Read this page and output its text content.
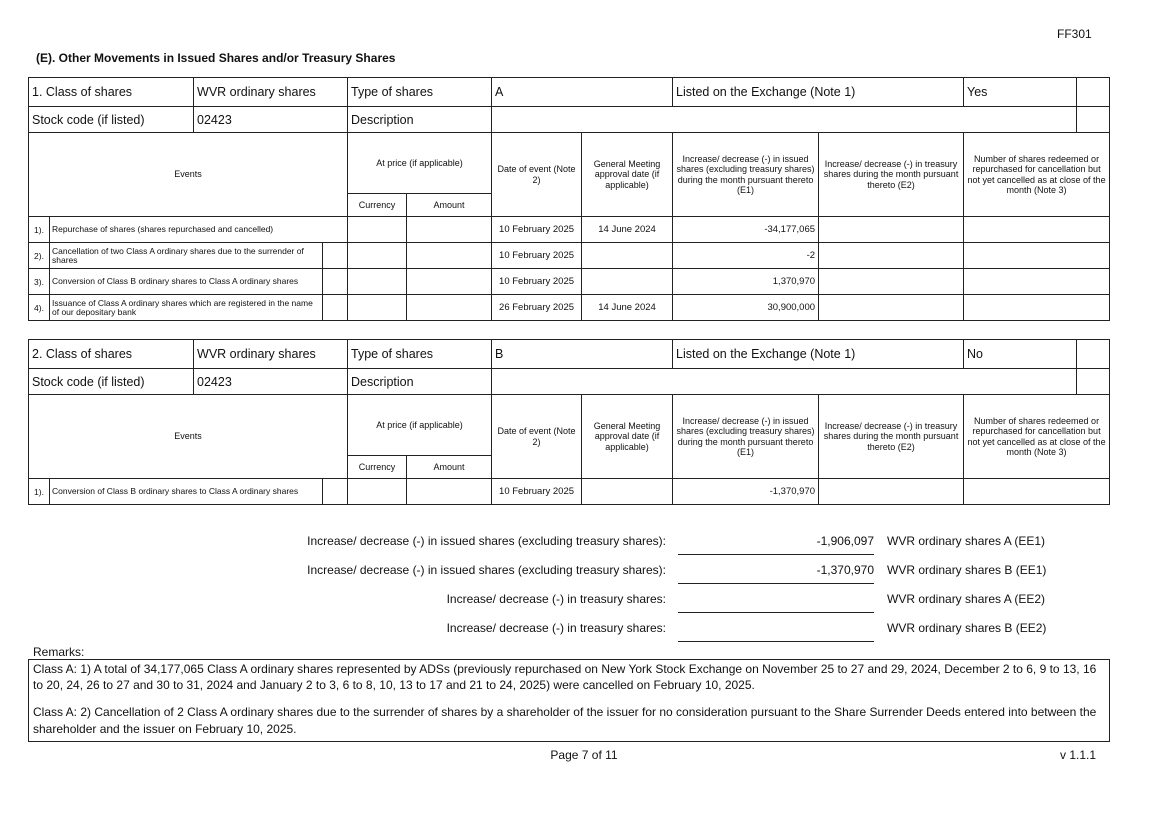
FF301
(E). Other Movements in Issued Shares and/or Treasury Shares
1. Class of shares		WVR ordinary shares		Type of shares		A		Listed on the Exchange (Note 1)		Yes	
Stock code (if listed)		02423		Description							
Events				At price (if applicable)		Date of event (Note 2)	General Meeting approval date (if applicable)	Increase/ decrease (-) in issued shares (excluding treasury shares) during the month pursuant thereto (E1)	Increase/ decrease (-) in treasury shares during the month pursuant thereto (E2)	Number of shares redeemed or repurchased for cancellation but not yet cancelled as at close of the month (Note 3)	
				Currency	Amount						
1).	Repurchase of shares (shares repurchased and cancelled)					10 February 2025	14 June 2024	-34,177,065			
2).	Cancellation of two Class A ordinary shares due to the surrender of shares					10 February 2025		-2			
3).	Conversion of Class B ordinary shares to Class A ordinary shares					10 February 2025		1,370,970			
4).	Issuance of Class A ordinary shares which are registered in the name of our depositary bank					26 February 2025	14 June 2024	30,900,000			
2. Class of shares		WVR ordinary shares		Type of shares		B		Listed on the Exchange (Note 1)		No	
Stock code (if listed)		02423		Description							
Events				At price (if applicable)		Date of event (Note 2)	General Meeting approval date (if applicable)	Increase/ decrease (-) in issued shares (excluding treasury shares) during the month pursuant thereto (E1)	Increase/ decrease (-) in treasury shares during the month pursuant thereto (E2)	Number of shares redeemed or repurchased for cancellation but not yet cancelled as at close of the month (Note 3)	
				Currency	Amount						
1).	Conversion of Class B ordinary shares to Class A ordinary shares					10 February 2025		-1,370,970			
Increase/ decrease (-) in issued shares (excluding treasury shares):	-1,906,097 WVR ordinary shares A (EE1)
Increase/ decrease (-) in issued shares (excluding treasury shares):	-1,370,970 WVR ordinary shares B (EE1)
Increase/ decrease (-) in treasury shares:	WVR ordinary shares A (EE2)
Increase/ decrease (-) in treasury shares:	WVR ordinary shares B (EE2)
Remarks:

Class A: 1) A total of 34,177,065 Class A ordinary shares represented by ADSs (previously repurchased on New York Stock Exchange on November 25 to 27 and 29, 2024, December 2 to 6, 9 to 13, 16 to 20, 24, 26 to 27 and 30 to 31, 2024 and January 2 to 3, 6 to 8, 10, 13 to 17 and 21 to 24, 2025) were cancelled on February 10, 2025.

Class A: 2) Cancellation of 2 Class A ordinary shares due to the surrender of shares by a shareholder of the issuer for no consideration pursuant to the Share Surrender Deeds entered into between the shareholder and the issuer on February 10, 2025.

Page 7 of 11	v 1.1.1
